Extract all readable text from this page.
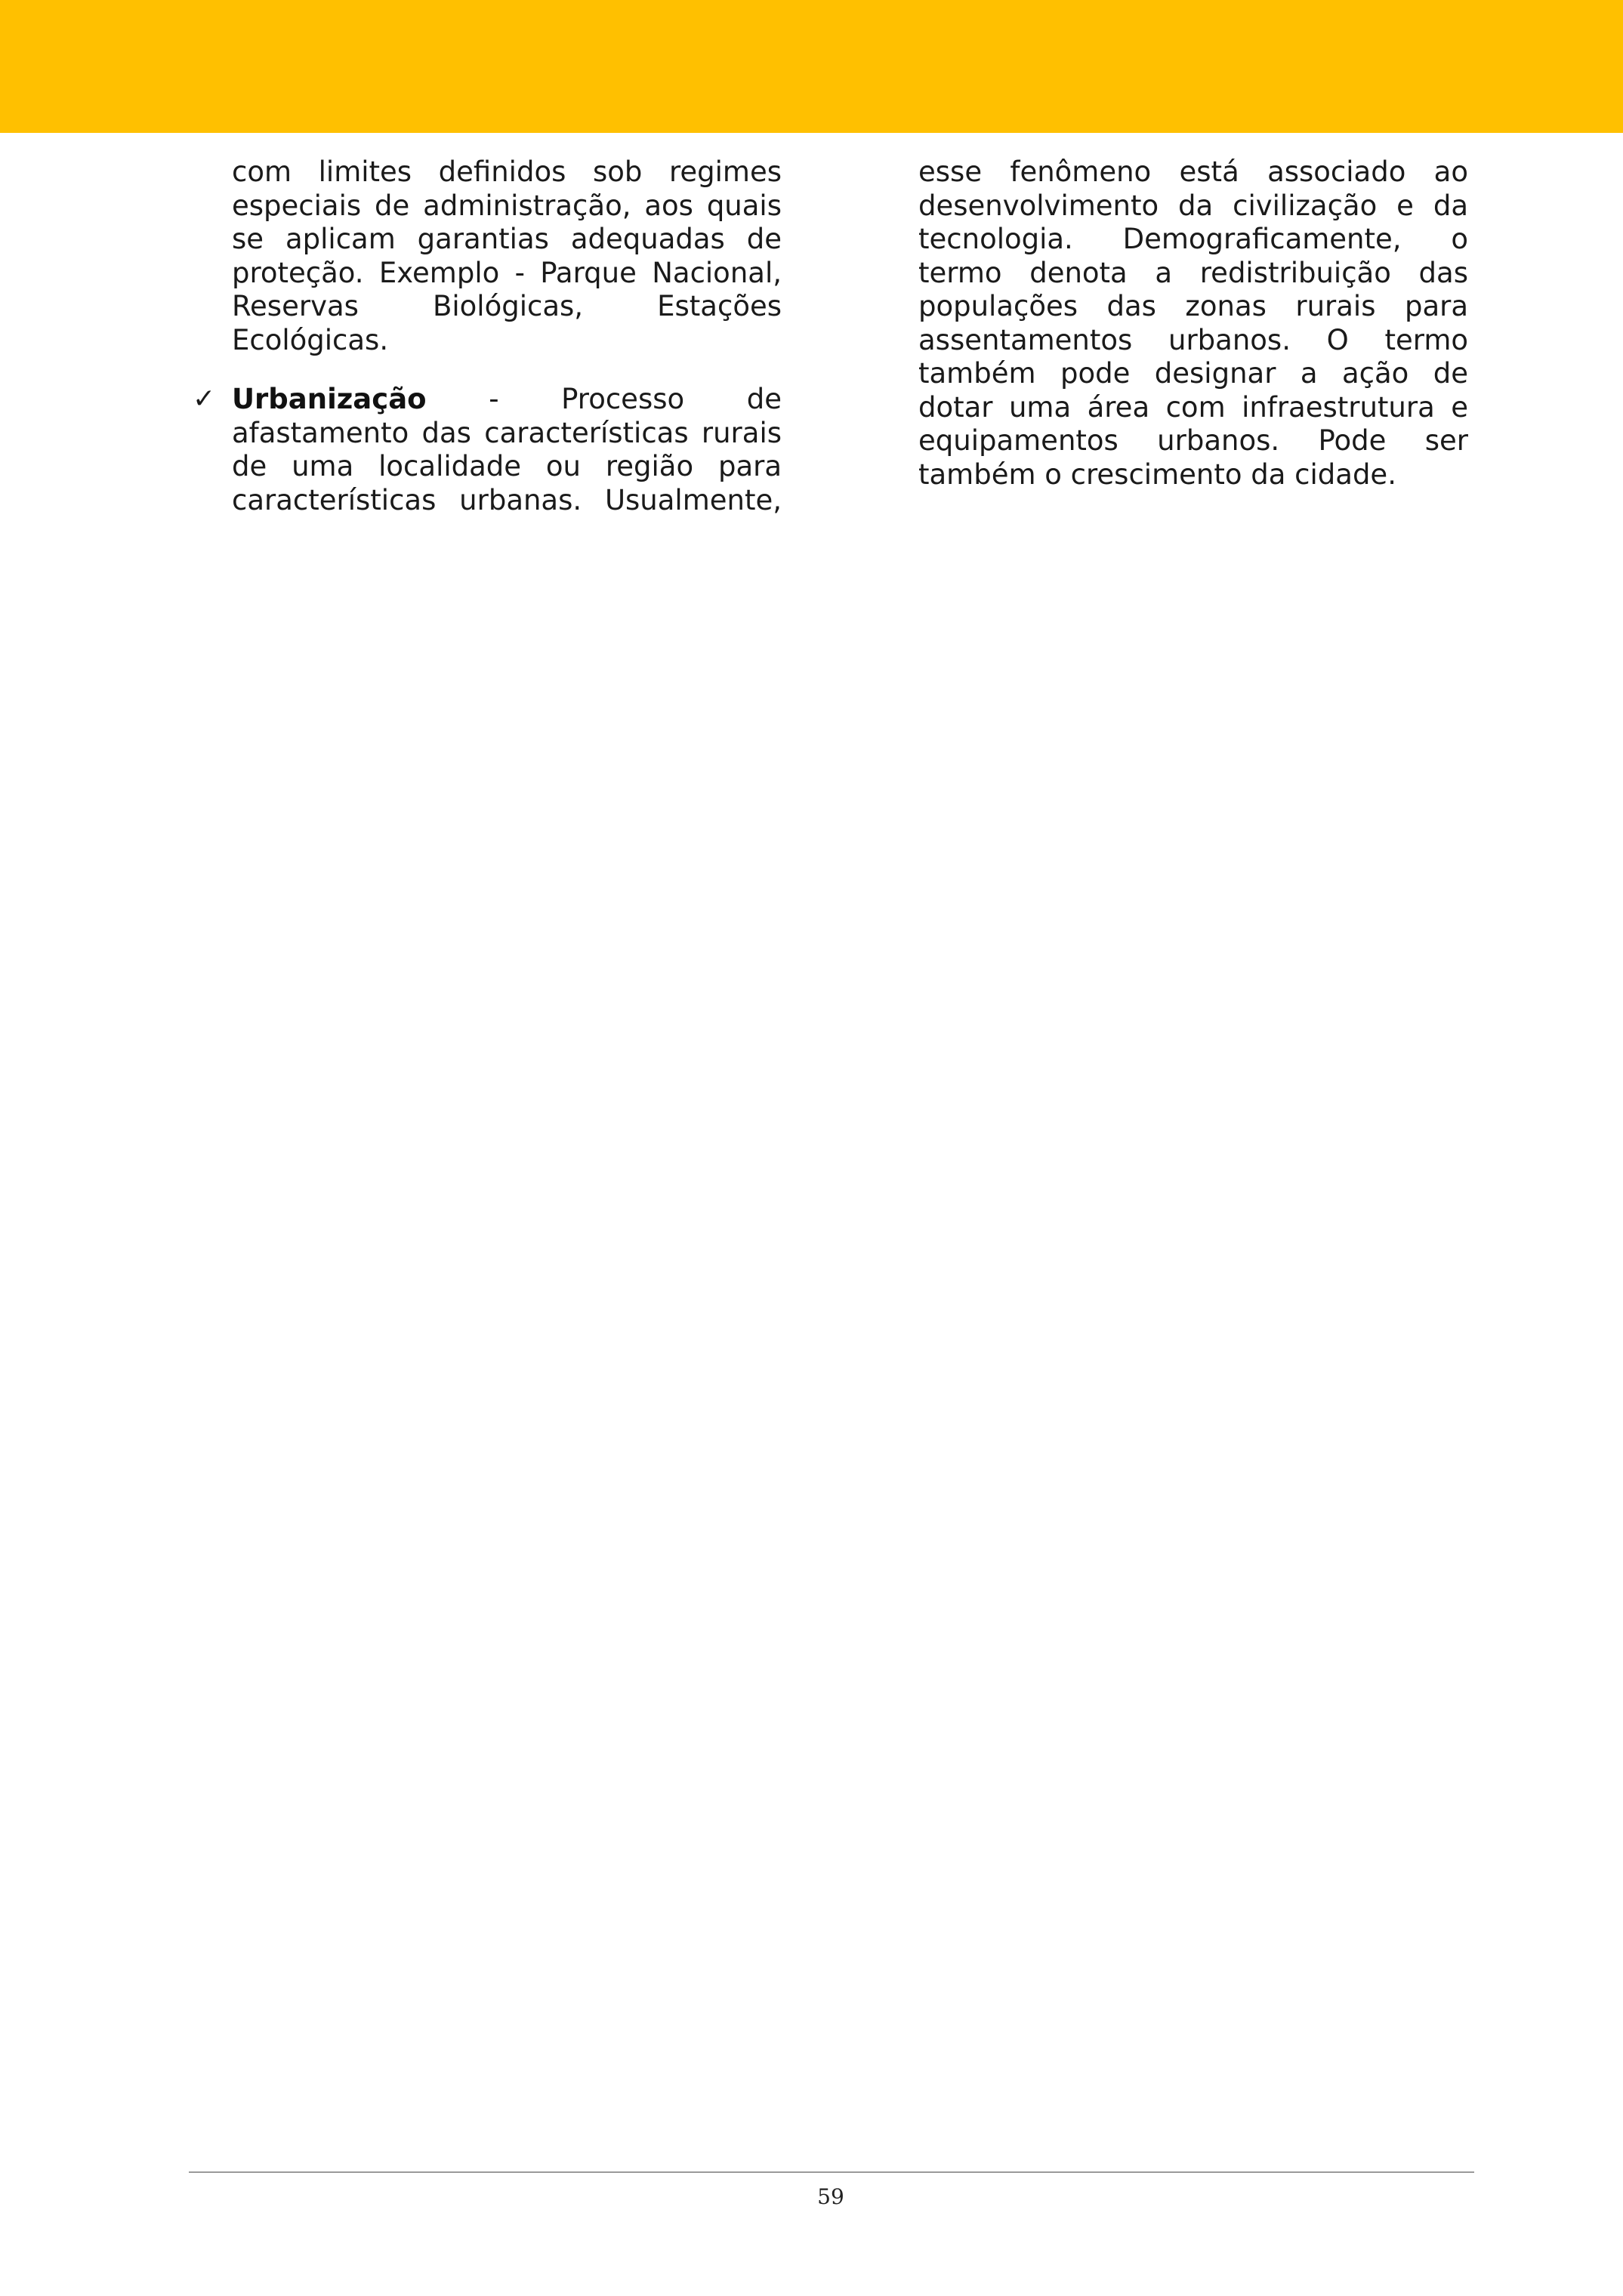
com limites definidos sob regimes especiais de administração, aos quais se aplicam garantias adequadas de proteção. Exemplo - Parque Nacional, Reservas Biológicas, Estações Ecológicas.

✓ Urbanização - Processo de afastamento das características rurais de uma localidade ou região para características urbanas. Usualmente,

esse fenômeno está associado ao desenvolvimento da civilização e da tecnologia. Demograficamente, o termo denota a redistribuição das populações das zonas rurais para assentamentos urbanos. O termo também pode designar a ação de dotar uma área com infraestrutura e equipamentos urbanos. Pode ser também o crescimento da cidade.

59
